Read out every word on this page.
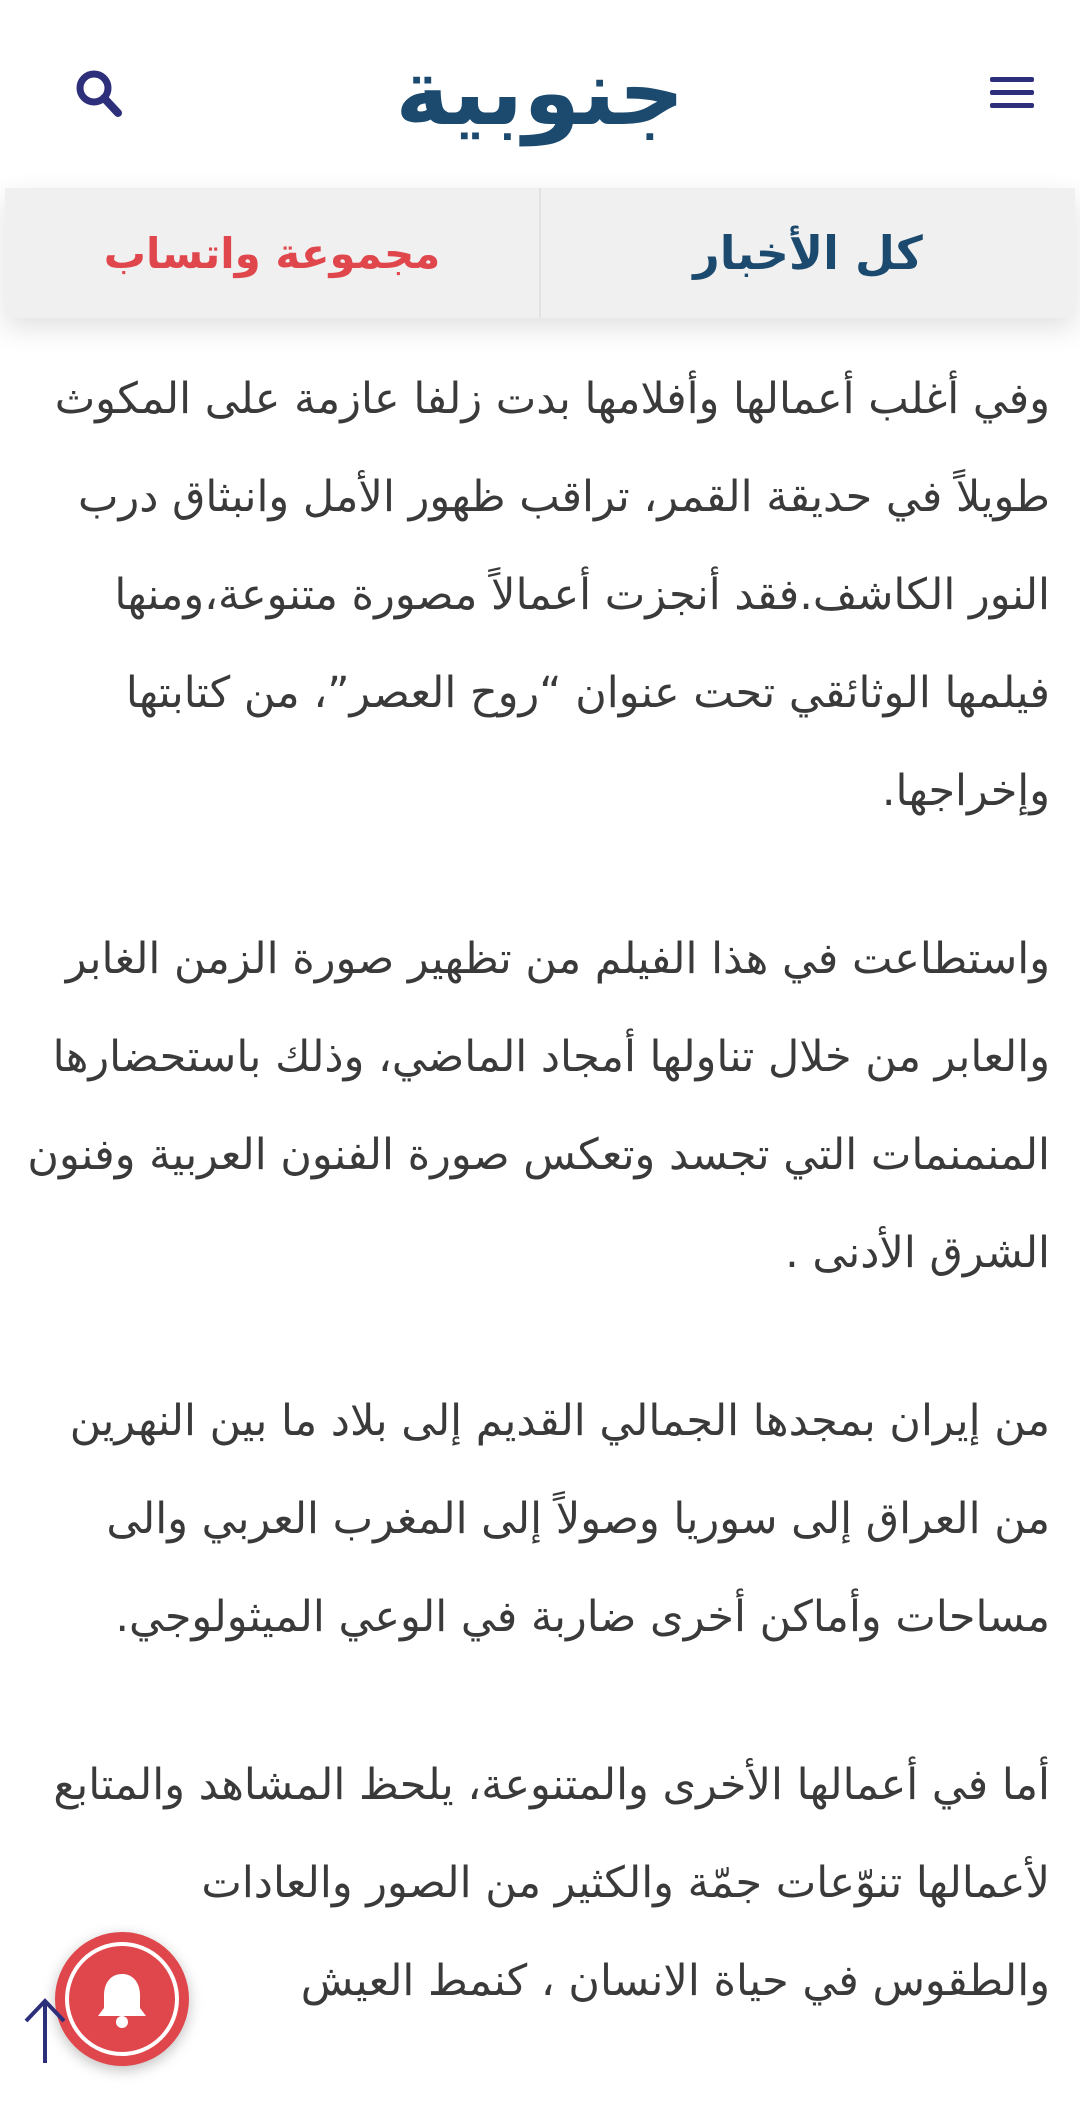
جنوبية
كل الأخبار
مجموعة واتساب

وفي أغلب أعمالها وأفلامها بدت زلفا عازمة على المكوث طويلاً في حديقة القمر، تراقب ظهور الأمل وانبثاق درب النور الكاشف.فقد أنجزت أعمالاً مصورة متنوعة،ومنها فيلمها الوثائقي تحت عنوان “روح العصر”، من كتابتها وإخراجها.

واستطاعت في هذا الفيلم من تظهير صورة الزمن الغابر والعابر من خلال تناولها أمجاد الماضي، وذلك باستحضارها المنمنمات التي تجسد وتعكس صورة الفنون العربية وفنون الشرق الأدنى .

من إيران بمجدها الجمالي القديم إلى بلاد ما بين النهرين من العراق إلى سوريا وصولاً إلى المغرب العربي والى مساحات وأماكن أخرى ضاربة في الوعي الميثولوجي.

أما في أعمالها الأخرى والمتنوعة، يلحظ المشاهد والمتابع لأعمالها تنوّعات جمّة والكثير من الصور والعادات والطقوس في حياة الانسان ، كنمط العيش
